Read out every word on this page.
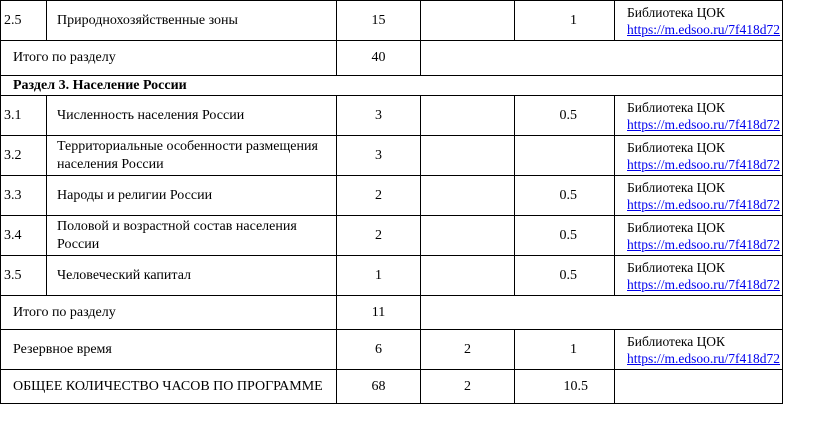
2.5	Природнохозяйственные зоны	15		1	Библиотека ЦОК
https://m.edsoo.ru/7f418d72

Итого по разделу		40			
Раздел 3. Население России					
3.1	Численность населения России	3		0.5	Библиотека ЦОК
https://m.edsoo.ru/7f418d72

3.2	Территориальные особенности размещения населения России	3			Библиотека ЦОК
https://m.edsoo.ru/7f418d72

3.3	Народы и религии России	2		0.5	Библиотека ЦОК
https://m.edsoo.ru/7f418d72

3.4	Половой и возрастной состав населения России	2		0.5	Библиотека ЦОК
https://m.edsoo.ru/7f418d72

3.5	Человеческий капитал	1		0.5	Библиотека ЦОК
https://m.edsoo.ru/7f418d72

Итого по разделу		11			
Резервное время		6	2	1	Библиотека ЦОК
https://m.edsoo.ru/7f418d72

ОБЩЕЕ КОЛИЧЕСТВО ЧАСОВ ПО ПРОГРАММЕ		68	2	10.5	
